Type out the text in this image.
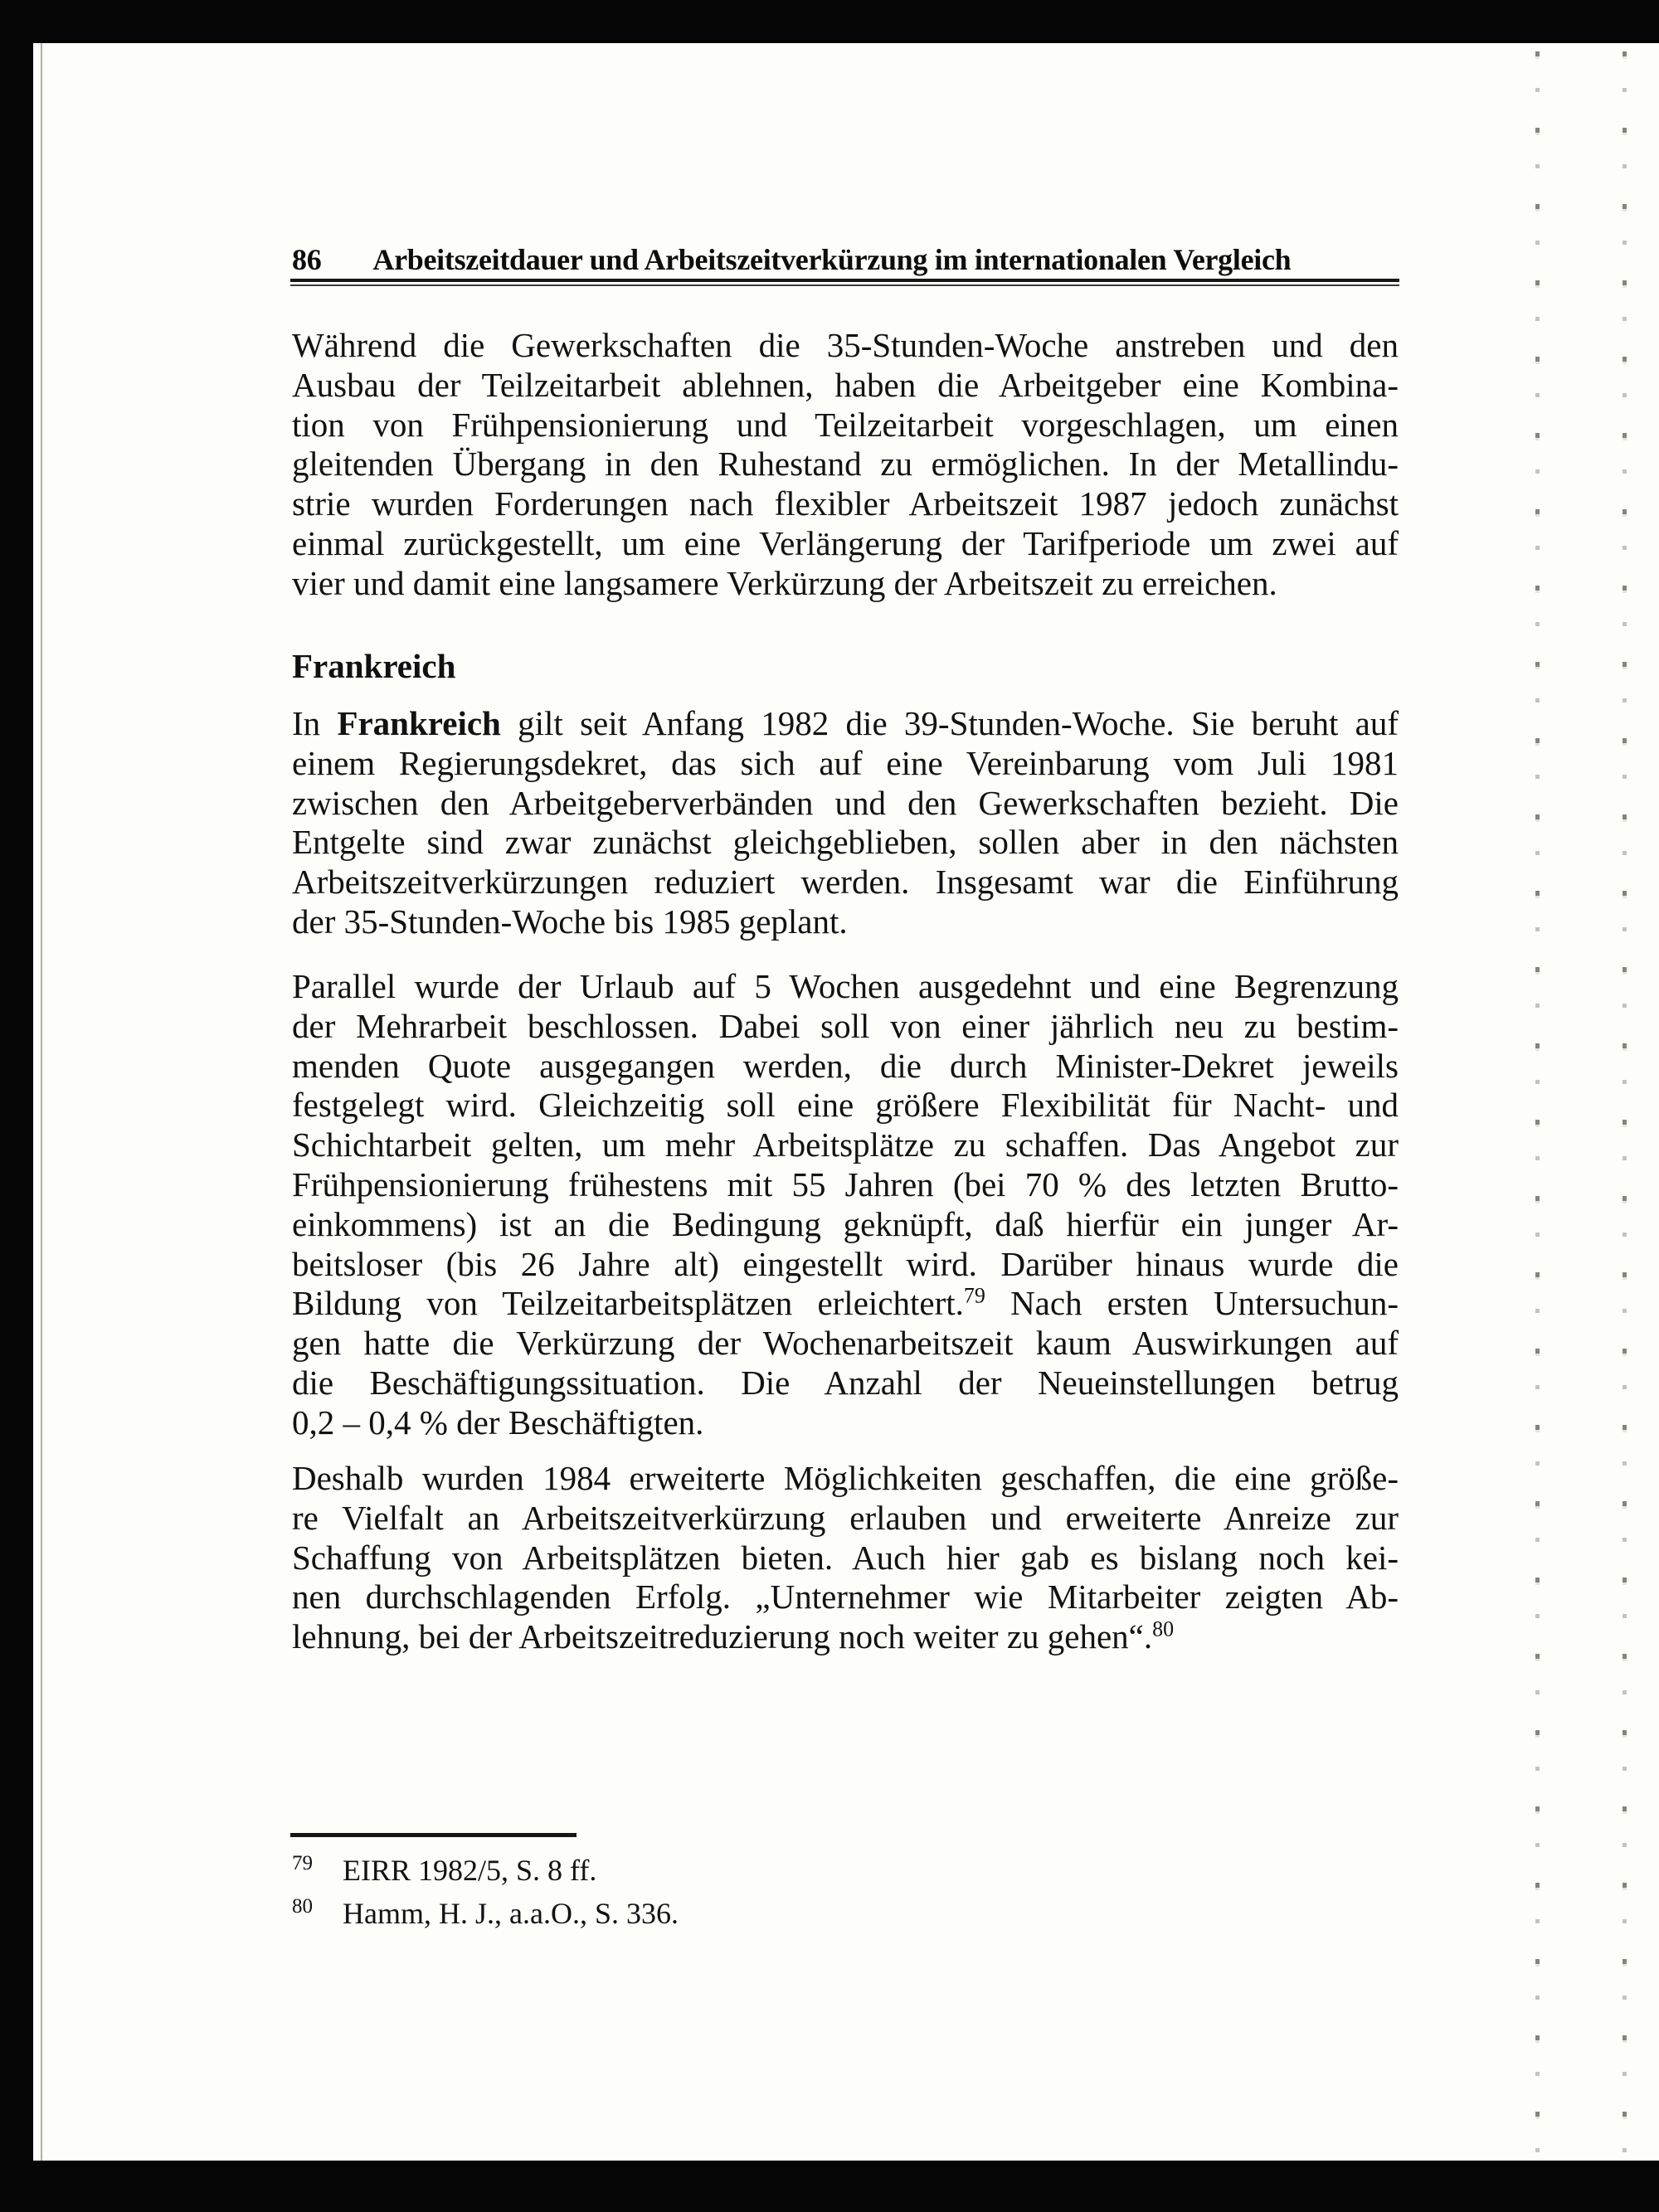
86 Arbeitszeitdauer und Arbeitszeitverkürzung im internationalen Vergleich
Während die Gewerkschaften die 35-Stunden-Woche anstreben und den
Ausbau der Teilzeitarbeit ablehnen, haben die Arbeitgeber eine Kombina-
tion von Frühpensionierung und Teilzeitarbeit vorgeschlagen, um einen
gleitenden Übergang in den Ruhestand zu ermöglichen. In der Metallindu-
strie wurden Forderungen nach flexibler Arbeitszeit 1987 jedoch zunächst
einmal zurückgestellt, um eine Verlängerung der Tarifperiode um zwei auf
vier und damit eine langsamere Verkürzung der Arbeitszeit zu erreichen.
Frankreich
In Frankreich gilt seit Anfang 1982 die 39-Stunden-Woche. Sie beruht auf
einem Regierungsdekret, das sich auf eine Vereinbarung vom Juli 1981
zwischen den Arbeitgeberverbänden und den Gewerkschaften bezieht. Die
Entgelte sind zwar zunächst gleichgeblieben, sollen aber in den nächsten
Arbeitszeitverkürzungen reduziert werden. Insgesamt war die Einführung
der 35-Stunden-Woche bis 1985 geplant.
Parallel wurde der Urlaub auf 5 Wochen ausgedehnt und eine Begrenzung
der Mehrarbeit beschlossen. Dabei soll von einer jährlich neu zu bestim-
menden Quote ausgegangen werden, die durch Minister-Dekret jeweils
festgelegt wird. Gleichzeitig soll eine größere Flexibilität für Nacht- und
Schichtarbeit gelten, um mehr Arbeitsplätze zu schaffen. Das Angebot zur
Frühpensionierung frühestens mit 55 Jahren (bei 70 % des letzten Brutto-
einkommens) ist an die Bedingung geknüpft, daß hierfür ein junger Ar-
beitsloser (bis 26 Jahre alt) eingestellt wird. Darüber hinaus wurde die
Bildung von Teilzeitarbeitsplätzen erleichtert.$^{79}$ Nach ersten Untersuchun-
gen hatte die Verkürzung der Wochenarbeitszeit kaum Auswirkungen auf
die Beschäftigungssituation. Die Anzahl der Neueinstellungen betrug
0,2 – 0,4 % der Beschäftigten.
Deshalb wurden 1984 erweiterte Möglichkeiten geschaffen, die eine größe-
re Vielfalt an Arbeitszeitverkürzung erlauben und erweiterte Anreize zur
Schaffung von Arbeitsplätzen bieten. Auch hier gab es bislang noch kei-
nen durchschlagenden Erfolg. „Unternehmer wie Mitarbeiter zeigten Ab-
lehnung, bei der Arbeitszeitreduzierung noch weiter zu gehen“.$^{80}$
$^{79}$ EIRR 1982/5, S. 8 ff.
$^{80}$ Hamm, H. J., a.a.O., S. 336.
